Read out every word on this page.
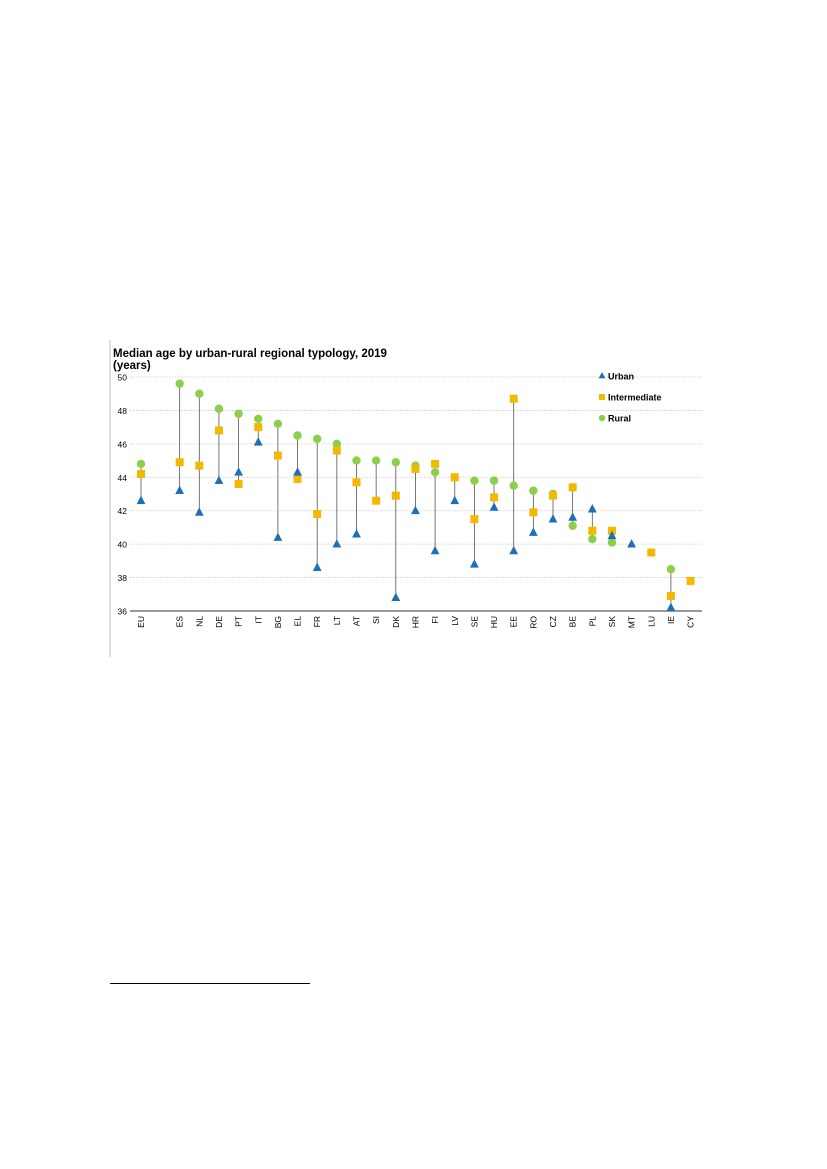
Median age by urban-rural regional typology, 2019
(years)
EU	ES NL DE PT IT BG EL FR LT AT SI DK HR FI LV SE HU EE RO CZ BE PL SK MT LU IE CY
36
38
40
42
44
46
48
50	Urban
Intermediate
Rural
